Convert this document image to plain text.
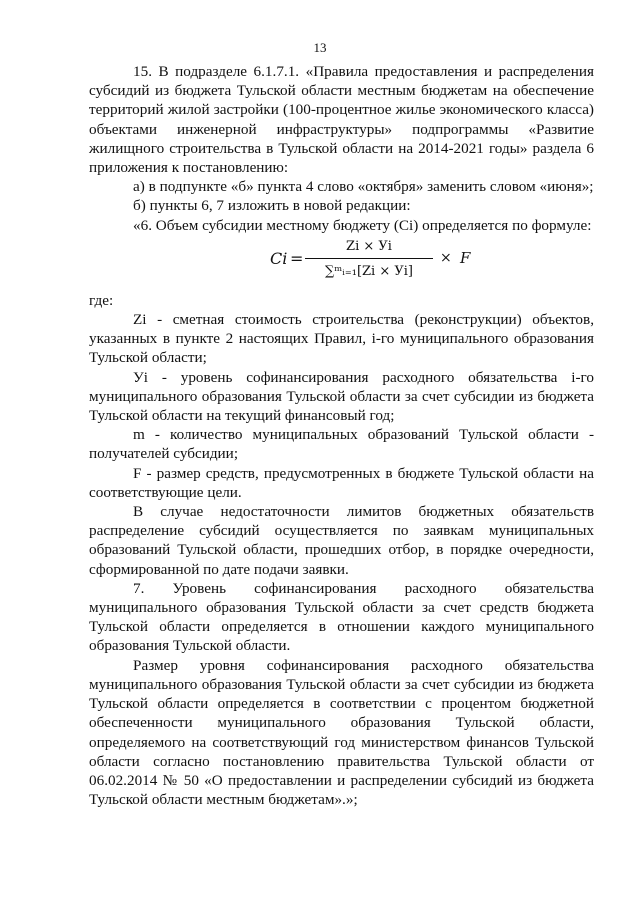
13

15. В подразделе 6.1.7.1. «Правила предоставления и распределения субсидий из бюджета Тульской области местным бюджетам на обеспечение территорий жилой застройки (100-процентное жилье экономического класса) объектами инженерной инфраструктуры» подпрограммы «Развитие жилищного строительства в Тульской области на 2014-2021 годы» раздела 6 приложения к постановлению:

а) в подпункте «б» пункта 4 слово «октября» заменить словом «июня»;

б) пункты 6, 7 изложить в новой редакции:

«6. Объем субсидии местному бюджету (Ci) определяется по формуле:

Ci =
Zi × Уi
∑ᵐᵢ₌₁[Zi × Уi]
× F

где:

Zi - сметная стоимость строительства (реконструкции) объектов, указанных в пункте 2 настоящих Правил, i-го муниципального образования Тульской области;

Уi - уровень софинансирования расходного обязательства i-го муниципального образования Тульской области за счет субсидии из бюджета Тульской области на текущий финансовый год;

m - количество муниципальных образований Тульской области - получателей субсидии;

F - размер средств, предусмотренных в бюджете Тульской области на соответствующие цели.

В случае недостаточности лимитов бюджетных обязательств распределение субсидий осуществляется по заявкам муниципальных образований Тульской области, прошедших отбор, в порядке очередности, сформированной по дате подачи заявки.

7. Уровень софинансирования расходного обязательства муниципального образования Тульской области за счет средств бюджета Тульской области определяется в отношении каждого муниципального образования Тульской области.

Размер уровня софинансирования расходного обязательства муниципального образования Тульской области за счет субсидии из бюджета Тульской области определяется в соответствии с процентом бюджетной обеспеченности муниципального образования Тульской области, определяемого на соответствующий год министерством финансов Тульской области согласно постановлению правительства Тульской области от 06.02.2014 № 50 «О предоставлении и распределении субсидий из бюджета Тульской области местным бюджетам».»;
